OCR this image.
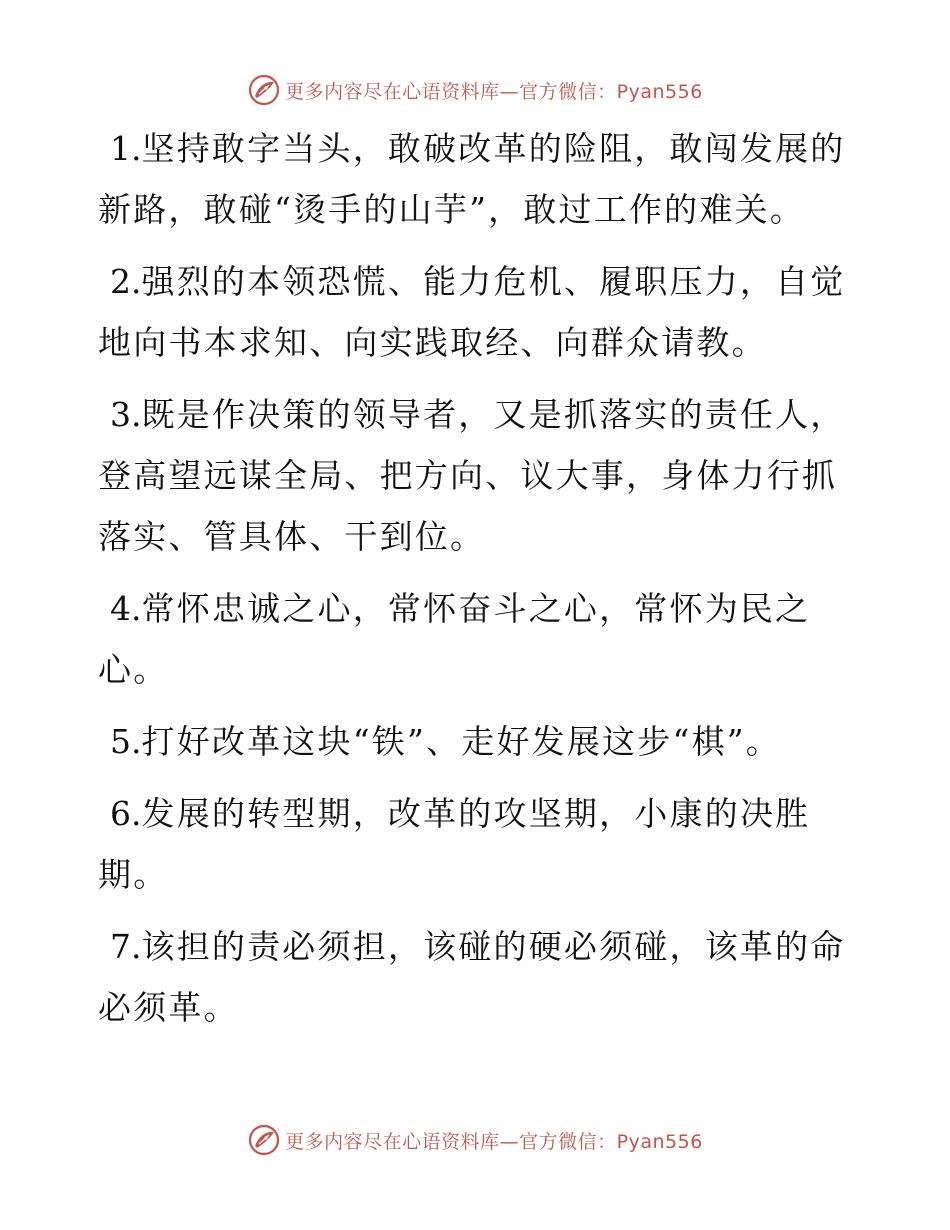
更多内容尽在心语资料库—官方微信：Pyan556

1.坚持敢字当头，敢破改革的险阻，敢闯发展的新路，敢碰“烫手的山芋”，敢过工作的难关。

2.强烈的本领恐慌、能力危机、履职压力，自觉地向书本求知、向实践取经、向群众请教。

3.既是作决策的领导者，又是抓落实的责任人，登高望远谋全局、把方向、议大事，身体力行抓落实、管具体、干到位。

4.常怀忠诚之心，常怀奋斗之心，常怀为民之心。

5.打好改革这块“铁”、走好发展这步“棋”。

6.发展的转型期，改革的攻坚期，小康的决胜期。

7.该担的责必须担，该碰的硬必须碰，该革的命必须革。

更多内容尽在心语资料库—官方微信：Pyan556
